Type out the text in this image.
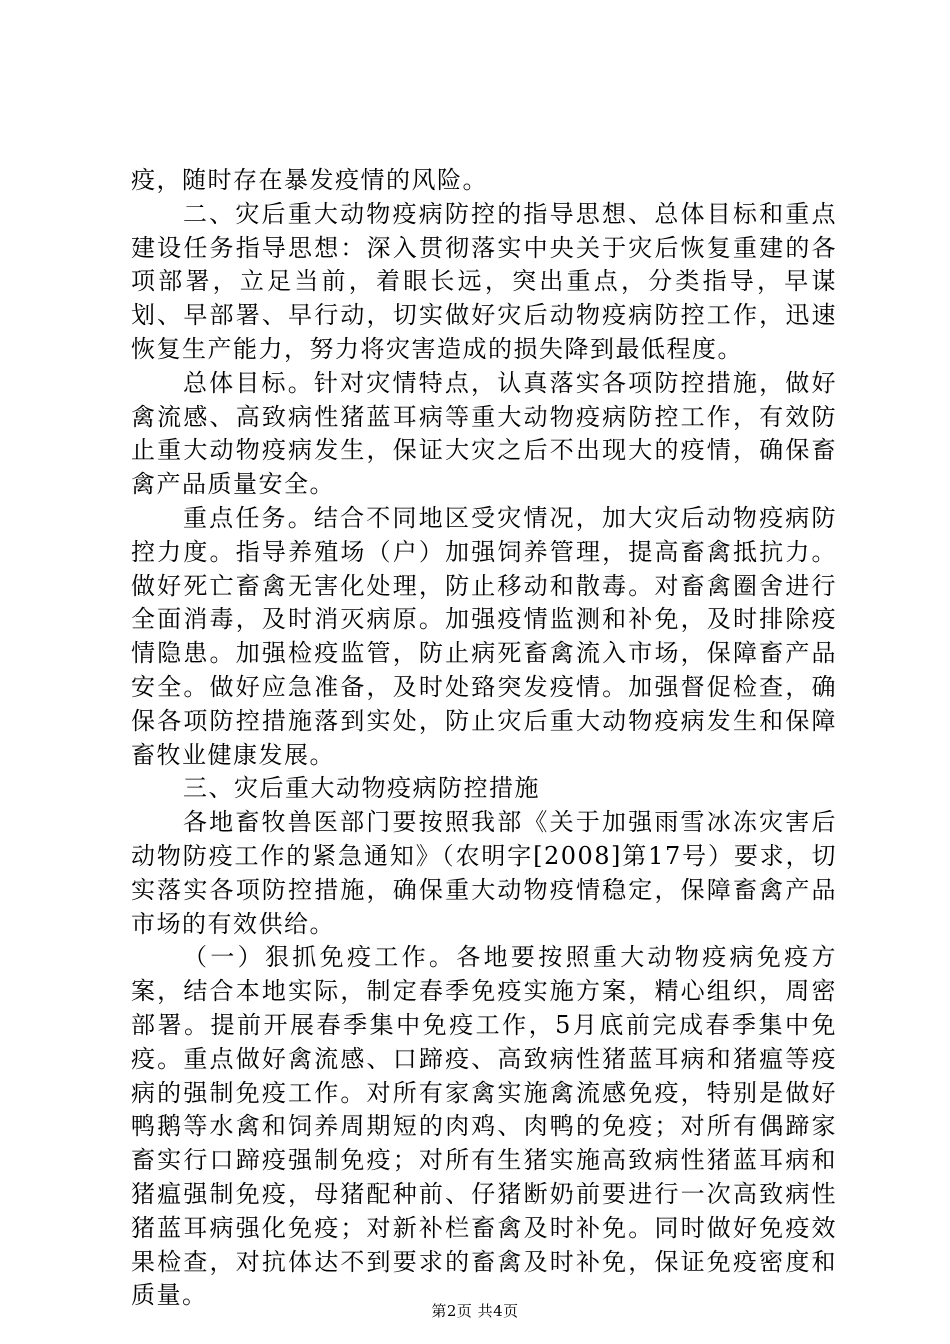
疫，随时存在暴发疫情的风险。

二、灾后重大动物疫病防控的指导思想、总体目标和重点建设任务指导思想：深入贯彻落实中央关于灾后恢复重建的各项部署，立足当前，着眼长远，突出重点，分类指导，早谋划、早部署、早行动，切实做好灾后动物疫病防控工作，迅速恢复生产能力，努力将灾害造成的损失降到最低程度。

总体目标。针对灾情特点，认真落实各项防控措施，做好禽流感、高致病性猪蓝耳病等重大动物疫病防控工作，有效防止重大动物疫病发生，保证大灾之后不出现大的疫情，确保畜禽产品质量安全。

重点任务。结合不同地区受灾情况，加大灾后动物疫病防控力度。指导养殖场（户）加强饲养管理，提高畜禽抵抗力。做好死亡畜禽无害化处理，防止移动和散毒。对畜禽圈舍进行全面消毒，及时消灭病原。加强疫情监测和补免，及时排除疫情隐患。加强检疫监管，防止病死畜禽流入市场，保障畜产品安全。做好应急准备，及时处臵突发疫情。加强督促检查，确保各项防控措施落到实处，防止灾后重大动物疫病发生和保障畜牧业健康发展。

三、灾后重大动物疫病防控措施

各地畜牧兽医部门要按照我部《关于加强雨雪冰冻灾害后动物防疫工作的紧急通知》（农明字[2008]第17号）要求，切实落实各项防控措施，确保重大动物疫情稳定，保障畜禽产品市场的有效供给。

（一）狠抓免疫工作。各地要按照重大动物疫病免疫方案，结合本地实际，制定春季免疫实施方案，精心组织，周密部署。提前开展春季集中免疫工作，5月底前完成春季集中免疫。重点做好禽流感、口蹄疫、高致病性猪蓝耳病和猪瘟等疫病的强制免疫工作。对所有家禽实施禽流感免疫，特别是做好鸭鹅等水禽和饲养周期短的肉鸡、肉鸭的免疫；对所有偶蹄家畜实行口蹄疫强制免疫；对所有生猪实施高致病性猪蓝耳病和猪瘟强制免疫，母猪配种前、仔猪断奶前要进行一次高致病性猪蓝耳病强化免疫；对新补栏畜禽及时补免。同时做好免疫效果检查，对抗体达不到要求的畜禽及时补免，保证免疫密度和质量。

第2页 共4页
